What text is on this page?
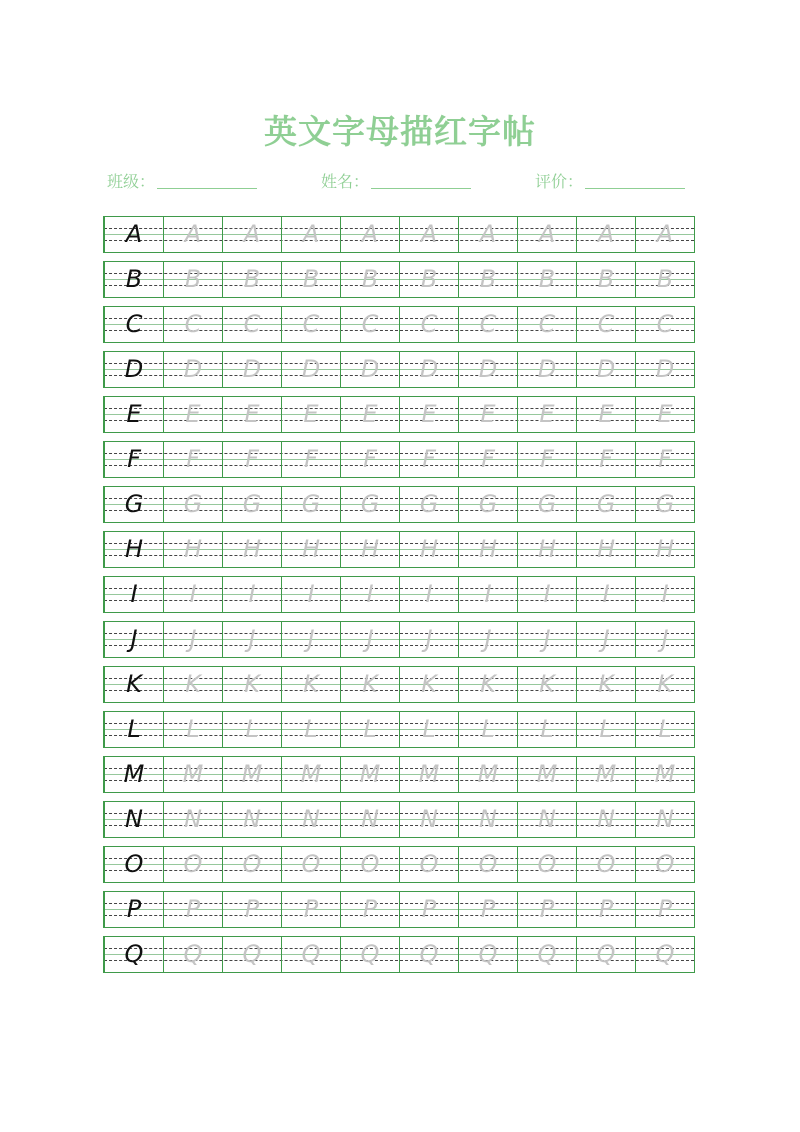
英文字母描红字帖
班级：	姓名：	评价：
A	A	A	A	A	A	A	A	A	A
B	B	B	B	B	B	B	B	B	B
C	C	C	C	C	C	C	C	C	C
D	D	D	D	D	D	D	D	D	D
E	E	E	E	E	E	E	E	E	E
F	F	F	F	F	F	F	F	F	F
G	G	G	G	G	G	G	G	G	G
H	H	H	H	H	H	H	H	H	H
I	I	I	I	I	I	I	I	I	I
J	J	J	J	J	J	J	J	J	J
K	K	K	K	K	K	K	K	K	K
L	L	L	L	L	L	L	L	L	L
M	M	M	M	M	M	M	M	M	M
N	N	N	N	N	N	N	N	N	N
O	O	O	O	O	O	O	O	O	O
P	P	P	P	P	P	P	P	P	P
Q	Q	Q	Q	Q	Q	Q	Q	Q	Q
